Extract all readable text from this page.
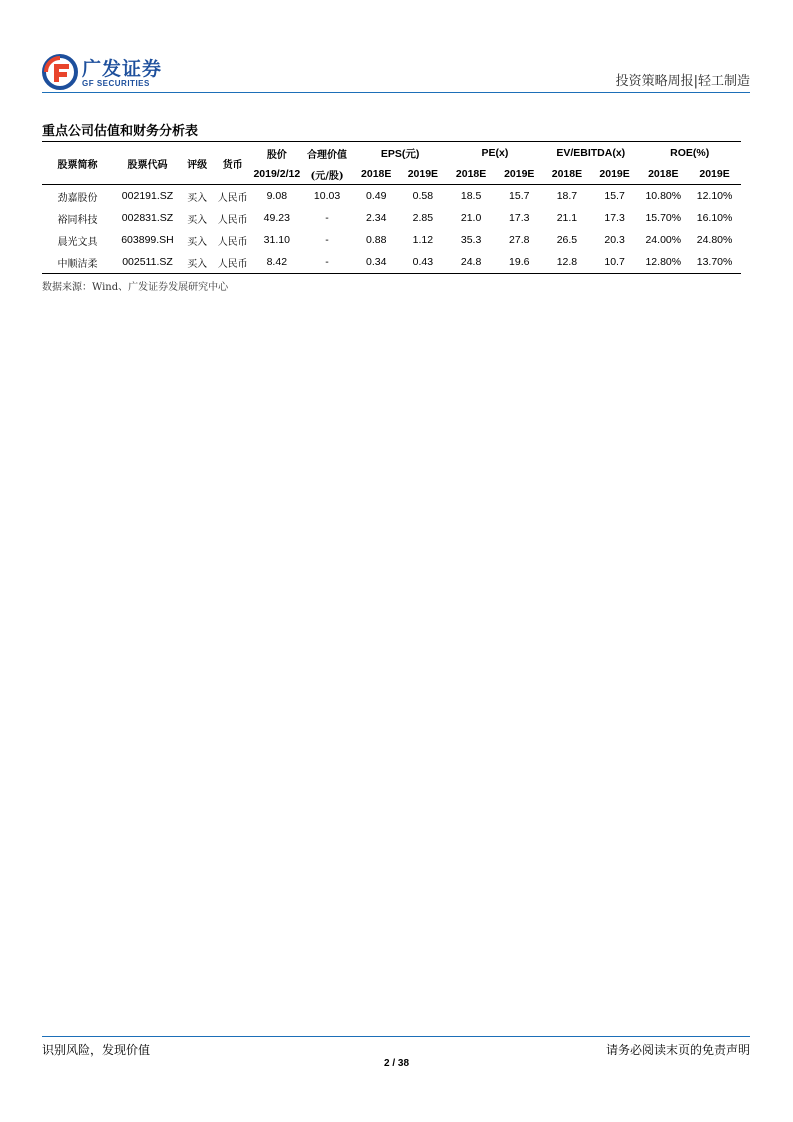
广发证券
GF SECURITIES	投资策略周报|轻工制造
重点公司估值和财务分析表
股票简称	股票代码	评级	货币	股价	合理价值	EPS(元)		PE(x)		EV/EBITDA(x)		ROE(%)	
				2019/2/12	(元/股)	2018E	2019E	2018E	2019E	2018E	2019E	2018E	2019E
劲嘉股份	002191.SZ	买入	人民币	9.08	10.03	0.49	0.58	18.5	15.7	18.7	15.7	10.80%	12.10%
裕同科技	002831.SZ	买入	人民币	49.23	-	2.34	2.85	21.0	17.3	21.1	17.3	15.70%	16.10%
晨光文具	603899.SH	买入	人民币	31.10	-	0.88	1.12	35.3	27.8	26.5	20.3	24.00%	24.80%
中顺洁柔	002511.SZ	买入	人民币	8.42	-	0.34	0.43	24.8	19.6	12.8	10.7	12.80%	13.70%
数据来源：Wind、广发证券发展研究中心
识别风险，发现价值	请务必阅读末页的免责声明
2 / 38
